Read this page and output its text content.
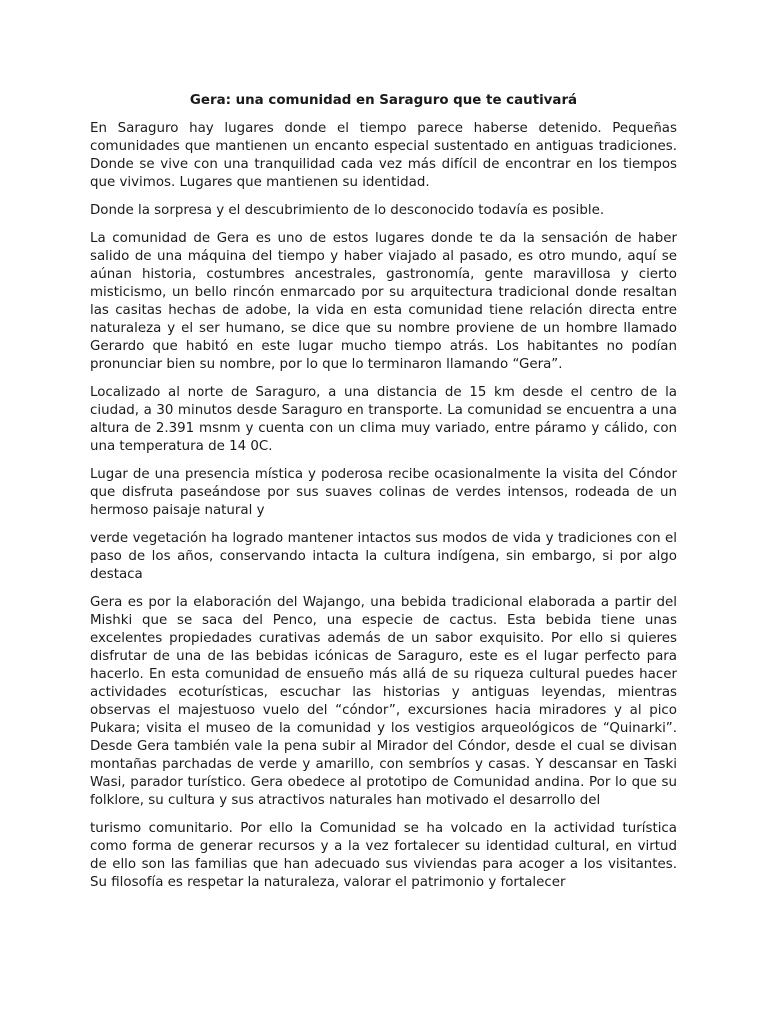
Gera: una comunidad en Saraguro que te cautivará

En Saraguro hay lugares donde el tiempo parece haberse detenido. Pequeñas comunidades que mantienen un encanto especial sustentado en antiguas tradiciones. Donde se vive con una tranquilidad cada vez más difícil de encontrar en los tiempos que vivimos. Lugares que mantienen su identidad.

Donde la sorpresa y el descubrimiento de lo desconocido todavía es posible.

La comunidad de Gera es uno de estos lugares donde te da la sensación de haber salido de una máquina del tiempo y haber viajado al pasado, es otro mundo, aquí se aúnan historia, costumbres ancestrales, gastronomía, gente maravillosa y cierto misticismo, un bello rincón enmarcado por su arquitectura tradicional donde resaltan las casitas hechas de adobe, la vida en esta comunidad tiene relación directa entre naturaleza y el ser humano, se dice que su nombre proviene de un hombre llamado Gerardo que habitó en este lugar mucho tiempo atrás. Los habitantes no podían pronunciar bien su nombre, por lo que lo terminaron llamando “Gera”.

Localizado al norte de Saraguro, a una distancia de 15 km desde el centro de la ciudad, a 30 minutos desde Saraguro en transporte. La comunidad se encuentra a una altura de 2.391 msnm y cuenta con un clima muy variado, entre páramo y cálido, con una temperatura de 14 0C.

Lugar de una presencia mística y poderosa recibe ocasionalmente la visita del Cóndor que disfruta paseándose por sus suaves colinas de verdes intensos, rodeada de un hermoso paisaje natural y

verde vegetación ha logrado mantener intactos sus modos de vida y tradiciones con el paso de los años, conservando intacta la cultura indígena, sin embargo, si por algo destaca

Gera es por la elaboración del Wajango, una bebida tradicional elaborada a partir del Mishki que se saca del Penco, una especie de cactus. Esta bebida tiene unas excelentes propiedades curativas además de un sabor exquisito. Por ello si quieres disfrutar de una de las bebidas icónicas de Saraguro, este es el lugar perfecto para hacerlo. En esta comunidad de ensueño más allá de su riqueza cultural puedes hacer actividades ecoturísticas, escuchar las historias y antiguas leyendas, mientras observas el majestuoso vuelo del “cóndor”, excursiones hacia miradores y al pico Pukara; visita el museo de la comunidad y los vestigios arqueológicos de “Quinarki”. Desde Gera también vale la pena subir al Mirador del Cóndor, desde el cual se divisan montañas parchadas de verde y amarillo, con sembríos y casas. Y descansar en Taski Wasi, parador turístico. Gera obedece al prototipo de Comunidad andina. Por lo que su folklore, su cultura y sus atractivos naturales han motivado el desarrollo del

turismo comunitario. Por ello la Comunidad se ha volcado en la actividad turística como forma de generar recursos y a la vez fortalecer su identidad cultural, en virtud de ello son las familias que han adecuado sus viviendas para acoger a los visitantes. Su filosofía es respetar la naturaleza, valorar el patrimonio y fortalecer
